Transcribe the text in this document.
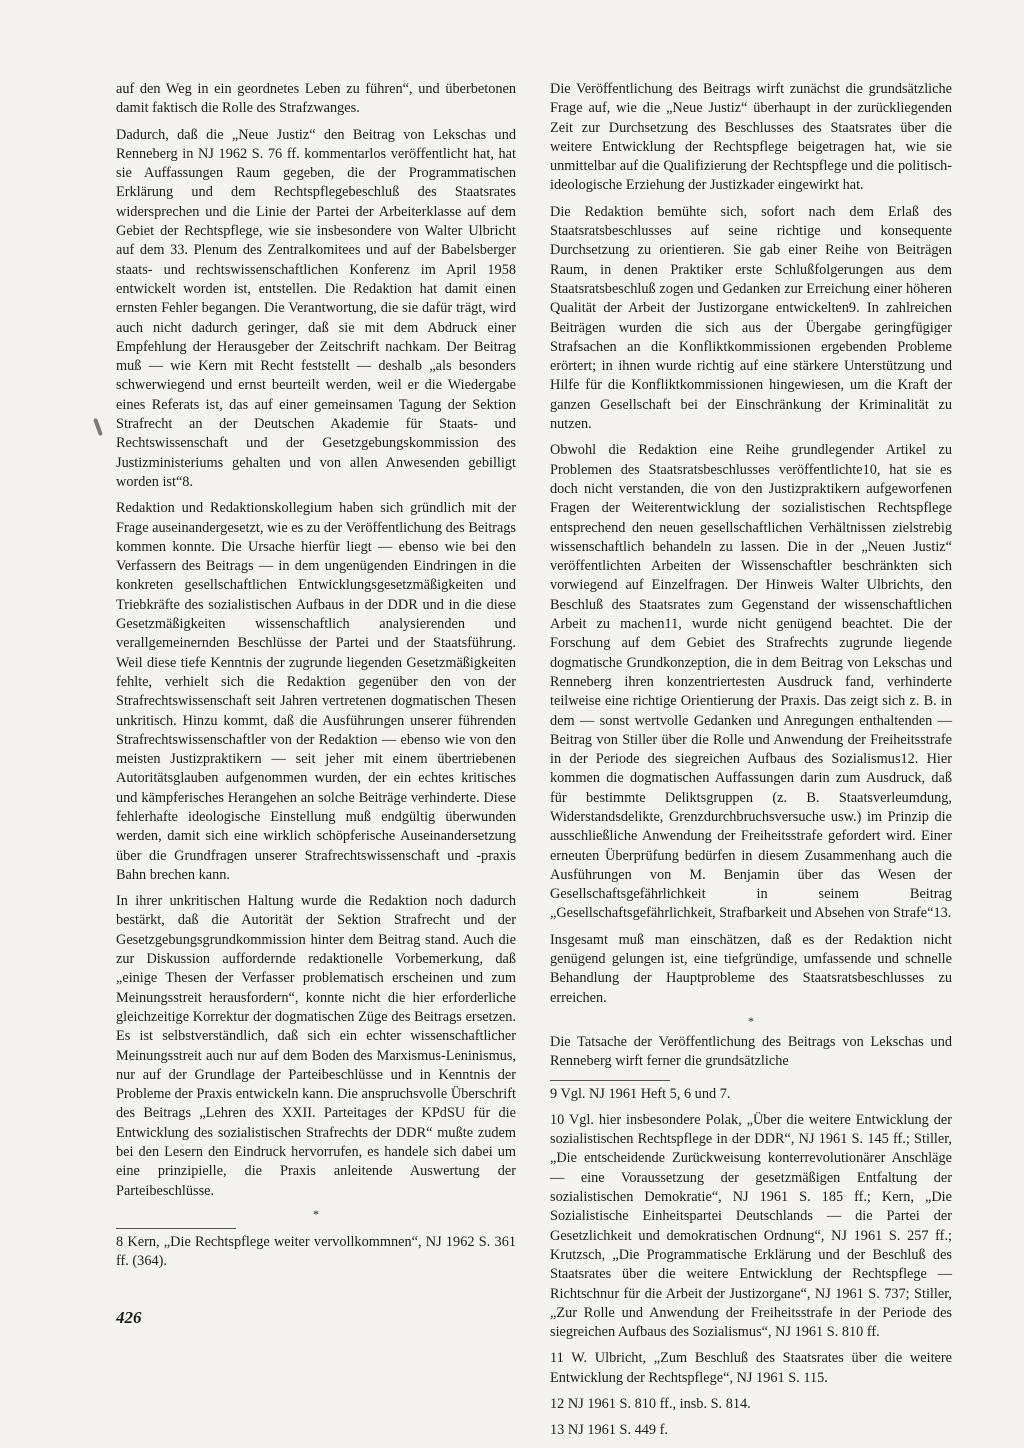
auf den Weg in ein geordnetes Leben zu führen“, und überbetonen damit faktisch die Rolle des Strafzwanges.

Dadurch, daß die „Neue Justiz“ den Beitrag von Lekschas und Renneberg in NJ 1962 S. 76 ff. kommentarlos veröffentlicht hat, hat sie Auffassungen Raum gegeben, die der Programmatischen Erklärung und dem Rechtspflegebeschluß des Staatsrates widersprechen und die Linie der Partei der Arbeiterklasse auf dem Gebiet der Rechtspflege, wie sie insbesondere von Walter Ulbricht auf dem 33. Plenum des Zentralkomitees und auf der Babelsberger staats- und rechtswissenschaftlichen Konferenz im April 1958 entwickelt worden ist, entstellen. Die Redaktion hat damit einen ernsten Fehler begangen. Die Verantwortung, die sie dafür trägt, wird auch nicht dadurch geringer, daß sie mit dem Abdruck einer Empfehlung der Herausgeber der Zeitschrift nachkam. Der Beitrag muß — wie Kern mit Recht feststellt — deshalb „als besonders schwerwiegend und ernst beurteilt werden, weil er die Wiedergabe eines Referats ist, das auf einer gemeinsamen Tagung der Sektion Strafrecht an der Deutschen Akademie für Staats- und Rechtswissenschaft und der Gesetzgebungskommission des Justizministeriums gehalten und von allen Anwesenden gebilligt worden ist“8.

Redaktion und Redaktionskollegium haben sich gründlich mit der Frage auseinandergesetzt, wie es zu der Veröffentlichung des Beitrags kommen konnte. Die Ursache hierfür liegt — ebenso wie bei den Verfassern des Beitrags — in dem ungenügenden Eindringen in die konkreten gesellschaftlichen Entwicklungsgesetzmäßigkeiten und Triebkräfte des sozialistischen Aufbaus in der DDR und in die diese Gesetzmäßigkeiten wissenschaftlich analysierenden und verallgemeinernden Beschlüsse der Partei und der Staatsführung. Weil diese tiefe Kenntnis der zugrunde liegenden Gesetzmäßigkeiten fehlte, verhielt sich die Redaktion gegenüber den von der Strafrechtswissenschaft seit Jahren vertretenen dogmatischen Thesen unkritisch. Hinzu kommt, daß die Ausführungen unserer führenden Strafrechtswissenschaftler von der Redaktion — ebenso wie von den meisten Justizpraktikern — seit jeher mit einem übertriebenen Autoritätsglauben aufgenommen wurden, der ein echtes kritisches und kämpferisches Herangehen an solche Beiträge verhinderte. Diese fehlerhafte ideologische Einstellung muß endgültig überwunden werden, damit sich eine wirklich schöpferische Auseinandersetzung über die Grundfragen unserer Strafrechtswissenschaft und -praxis Bahn brechen kann.

In ihrer unkritischen Haltung wurde die Redaktion noch dadurch bestärkt, daß die Autorität der Sektion Strafrecht und der Gesetzgebungsgrundkommission hinter dem Beitrag stand. Auch die zur Diskussion auffordernde redaktionelle Vorbemerkung, daß „einige Thesen der Verfasser problematisch erscheinen und zum Meinungsstreit herausfordern“, konnte nicht die hier erforderliche gleichzeitige Korrektur der dogmatischen Züge des Beitrags ersetzen. Es ist selbstverständlich, daß sich ein echter wissenschaftlicher Meinungsstreit auch nur auf dem Boden des Marxismus-Leninismus, nur auf der Grundlage der Parteibeschlüsse und in Kenntnis der Probleme der Praxis entwickeln kann. Die anspruchsvolle Überschrift des Beitrags „Lehren des XXII. Parteitages der KPdSU für die Entwicklung des sozialistischen Strafrechts der DDR“ mußte zudem bei den Lesern den Eindruck hervorrufen, es handele sich dabei um eine prinzipielle, die Praxis anleitende Auswertung der Parteibeschlüsse.

*

8 Kern, „Die Rechtspflege weiter vervollkommnen“, NJ 1962 S. 361 ff. (364).

Die Veröffentlichung des Beitrags wirft zunächst die grundsätzliche Frage auf, wie die „Neue Justiz“ überhaupt in der zurückliegenden Zeit zur Durchsetzung des Beschlusses des Staatsrates über die weitere Entwicklung der Rechtspflege beigetragen hat, wie sie unmittelbar auf die Qualifizierung der Rechtspflege und die politisch-ideologische Erziehung der Justizkader eingewirkt hat.

Die Redaktion bemühte sich, sofort nach dem Erlaß des Staatsratsbeschlusses auf seine richtige und konsequente Durchsetzung zu orientieren. Sie gab einer Reihe von Beiträgen Raum, in denen Praktiker erste Schlußfolgerungen aus dem Staatsratsbeschluß zogen und Gedanken zur Erreichung einer höheren Qualität der Arbeit der Justizorgane entwickelten9. In zahlreichen Beiträgen wurden die sich aus der Übergabe geringfügiger Strafsachen an die Konfliktkommissionen ergebenden Probleme erörtert; in ihnen wurde richtig auf eine stärkere Unterstützung und Hilfe für die Konfliktkommissionen hingewiesen, um die Kraft der ganzen Gesellschaft bei der Einschränkung der Kriminalität zu nutzen.

Obwohl die Redaktion eine Reihe grundlegender Artikel zu Problemen des Staatsratsbeschlusses veröffentlichte10, hat sie es doch nicht verstanden, die von den Justizpraktikern aufgeworfenen Fragen der Weiterentwicklung der sozialistischen Rechtspflege entsprechend den neuen gesellschaftlichen Verhältnissen zielstrebig wissenschaftlich behandeln zu lassen. Die in der „Neuen Justiz“ veröffentlichten Arbeiten der Wissenschaftler beschränkten sich vorwiegend auf Einzelfragen. Der Hinweis Walter Ulbrichts, den Beschluß des Staatsrates zum Gegenstand der wissenschaftlichen Arbeit zu machen11, wurde nicht genügend beachtet. Die der Forschung auf dem Gebiet des Strafrechts zugrunde liegende dogmatische Grundkonzeption, die in dem Beitrag von Lekschas und Renneberg ihren konzentriertesten Ausdruck fand, verhinderte teilweise eine richtige Orientierung der Praxis. Das zeigt sich z. B. in dem — sonst wertvolle Gedanken und Anregungen enthaltenden — Beitrag von Stiller über die Rolle und Anwendung der Freiheitsstrafe in der Periode des siegreichen Aufbaus des Sozialismus12. Hier kommen die dogmatischen Auffassungen darin zum Ausdruck, daß für bestimmte Deliktsgruppen (z. B. Staatsverleumdung, Widerstandsdelikte, Grenzdurchbruchsversuche usw.) im Prinzip die ausschließliche Anwendung der Freiheitsstrafe gefordert wird. Einer erneuten Überprüfung bedürfen in diesem Zusammenhang auch die Ausführungen von M. Benjamin über das Wesen der Gesellschaftsgefährlichkeit in seinem Beitrag „Gesellschaftsgefährlichkeit, Strafbarkeit und Absehen von Strafe“13.

Insgesamt muß man einschätzen, daß es der Redaktion nicht genügend gelungen ist, eine tiefgründige, umfassende und schnelle Behandlung der Hauptprobleme des Staatsratsbeschlusses zu erreichen.

*

Die Tatsache der Veröffentlichung des Beitrags von Lekschas und Renneberg wirft ferner die grundsätzliche

9 Vgl. NJ 1961 Heft 5, 6 und 7.

10 Vgl. hier insbesondere Polak, „Über die weitere Entwicklung der sozialistischen Rechtspflege in der DDR“, NJ 1961 S. 145 ff.; Stiller, „Die entscheidende Zurückweisung konterrevolutionärer Anschläge — eine Voraussetzung der gesetzmäßigen Entfaltung der sozialistischen Demokratie“, NJ 1961 S. 185 ff.; Kern, „Die Sozialistische Einheitspartei Deutschlands — die Partei der Gesetzlichkeit und demokratischen Ordnung“, NJ 1961 S. 257 ff.; Krutzsch, „Die Programmatische Erklärung und der Beschluß des Staatsrates über die weitere Entwicklung der Rechtspflege — Richtschnur für die Arbeit der Justizorgane“, NJ 1961 S. 737; Stiller, „Zur Rolle und Anwendung der Freiheitsstrafe in der Periode des siegreichen Aufbaus des Sozialismus“, NJ 1961 S. 810 ff.

11 W. Ulbricht, „Zum Beschluß des Staatsrates über die weitere Entwicklung der Rechtspflege“, NJ 1961 S. 115.

12 NJ 1961 S. 810 ff., insb. S. 814.

13 NJ 1961 S. 449 f.

426
